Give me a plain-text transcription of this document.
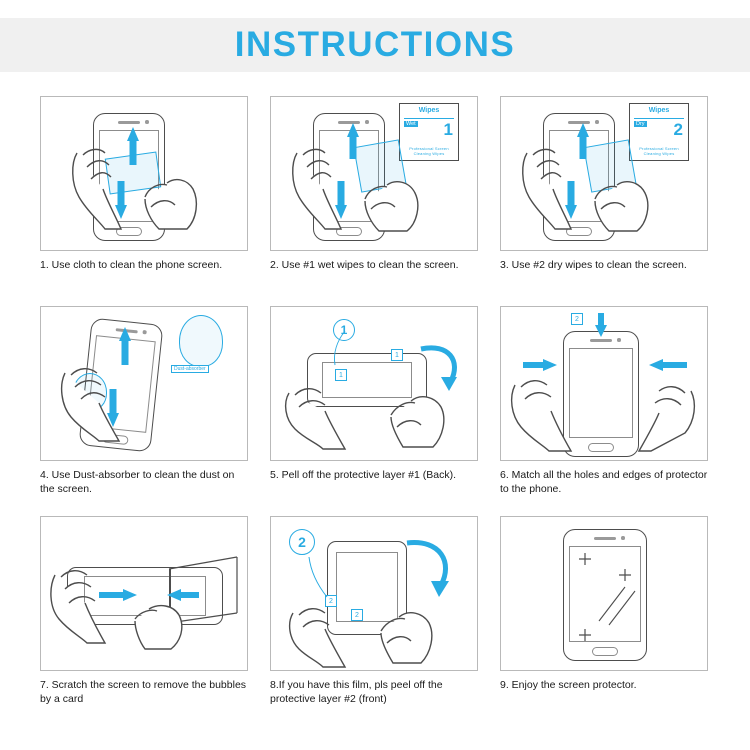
INSTRUCTIONS
1. Use cloth to clean the phone screen.
Wipes
Wet 1
Professional Screen Cleaning Wipes
2. Use #1 wet wipes to clean the screen.
Wipes
Dry 2
Professional Screen Cleaning Wipes
3. Use #2 dry wipes to clean the screen.
Dust-absorber
4. Use Dust-absorber to clean the dust on the screen.
1
1
1
5. Pell off the protective layer #1 (Back).
2
6. Match all the holes and edges of protector to the phone.
7. Scratch the screen to remove the bubbles by a card
2
2
2
8.If you have this film, pls peel off the protective layer #2 (front)
9. Enjoy the screen protector.
